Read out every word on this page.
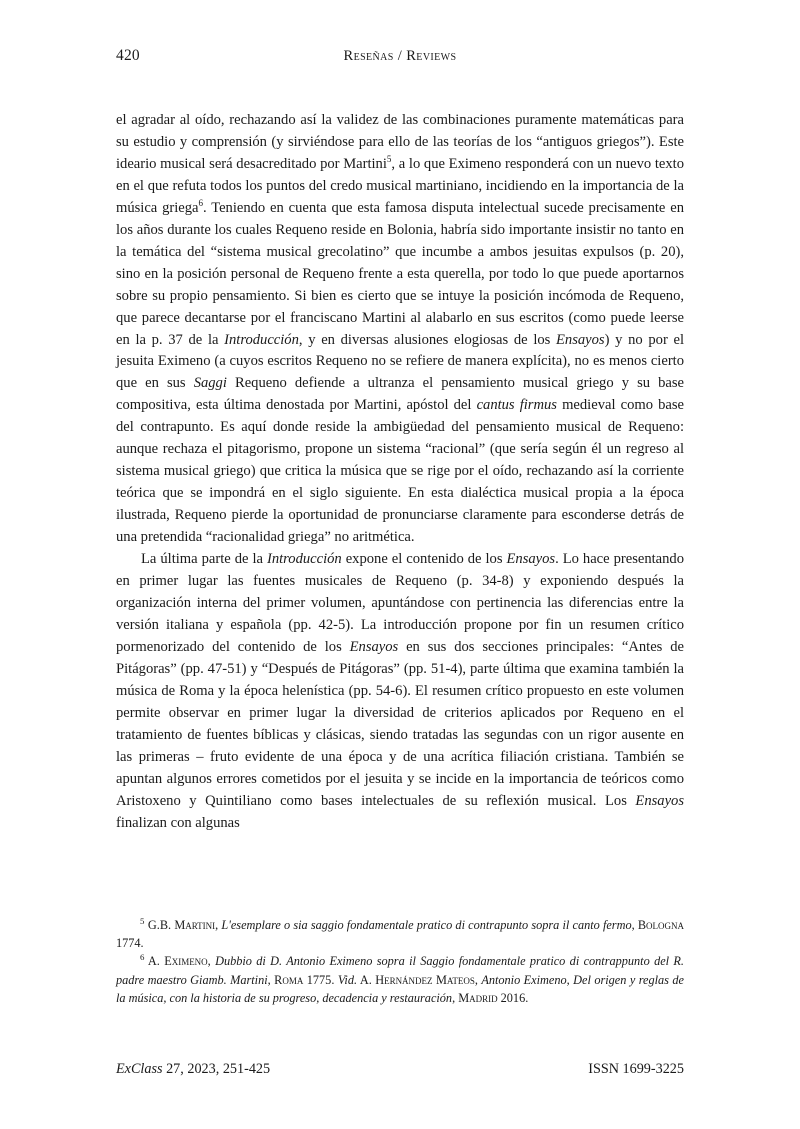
420	Reseñas / Reviews

el agradar al oído, rechazando así la validez de las combinaciones puramente matemáticas para su estudio y comprensión (y sirviéndose para ello de las teorías de los “antiguos griegos”). Este ideario musical será desacreditado por Martini$^5$, a lo que Eximeno responderá con un nuevo texto en el que refuta todos los puntos del credo musical martiniano, incidiendo en la importancia de la música griega$^6$. Teniendo en cuenta que esta famosa disputa intelectual sucede precisamente en los años durante los cuales Requeno reside en Bolonia, habría sido importante insistir no tanto en la temática del “sistema musical grecolatino” que incumbe a ambos jesuitas expulsos (p. 20), sino en la posición personal de Requeno frente a esta querella, por todo lo que puede aportarnos sobre su propio pensamiento. Si bien es cierto que se intuye la posición incómoda de Requeno, que parece decantarse por el franciscano Martini al alabarlo en sus escritos (como puede leerse en la p. 37 de la Introducción, y en diversas alusiones elogiosas de los Ensayos) y no por el jesuita Eximeno (a cuyos escritos Requeno no se refiere de manera explícita), no es menos cierto que en sus Saggi Requeno defiende a ultranza el pensamiento musical griego y su base compositiva, esta última denostada por Martini, apóstol del cantus firmus medieval como base del contrapunto. Es aquí donde reside la ambigüedad del pensamiento musical de Requeno: aunque rechaza el pitagorismo, propone un sistema “racional” (que sería según él un regreso al sistema musical griego) que critica la música que se rige por el oído, rechazando así la corriente teórica que se impondrá en el siglo siguiente. En esta dialéctica musical propia a la época ilustrada, Requeno pierde la oportunidad de pronunciarse claramente para esconderse detrás de una pretendida “racionalidad griega” no aritmética.

La última parte de la Introducción expone el contenido de los Ensayos. Lo hace presentando en primer lugar las fuentes musicales de Requeno (p. 34-8) y exponiendo después la organización interna del primer volumen, apuntándose con pertinencia las diferencias entre la versión italiana y española (pp. 42-5). La introducción propone por fin un resumen crítico pormenorizado del contenido de los Ensayos en sus dos secciones principales: “Antes de Pitágoras” (pp. 47-51) y “Después de Pitágoras” (pp. 51-4), parte última que examina también la música de Roma y la época helenística (pp. 54-6). El resumen crítico propuesto en este volumen permite observar en primer lugar la diversidad de criterios aplicados por Requeno en el tratamiento de fuentes bíblicas y clásicas, siendo tratadas las segundas con un rigor ausente en las primeras – fruto evidente de una época y de una acrítica filiación cristiana. También se apuntan algunos errores cometidos por el jesuita y se incide en la importancia de teóricos como Aristoxeno y Quintiliano como bases intelectuales de su reflexión musical. Los Ensayos finalizan con algunas

$^5$ G.B. Martini, L'esemplare o sia saggio fondamentale pratico di contrapunto sopra il canto fermo, Bologna 1774.

$^6$ A. Eximeno, Dubbio di D. Antonio Eximeno sopra il Saggio fondamentale pratico di contrappunto del R. padre maestro Giamb. Martini, Roma 1775. Vid. A. Hernández Mateos, Antonio Eximeno, Del origen y reglas de la música, con la historia de su progreso, decadencia y restauración, Madrid 2016.

ExClass 27, 2023, 251-425	ISSN 1699-3225
